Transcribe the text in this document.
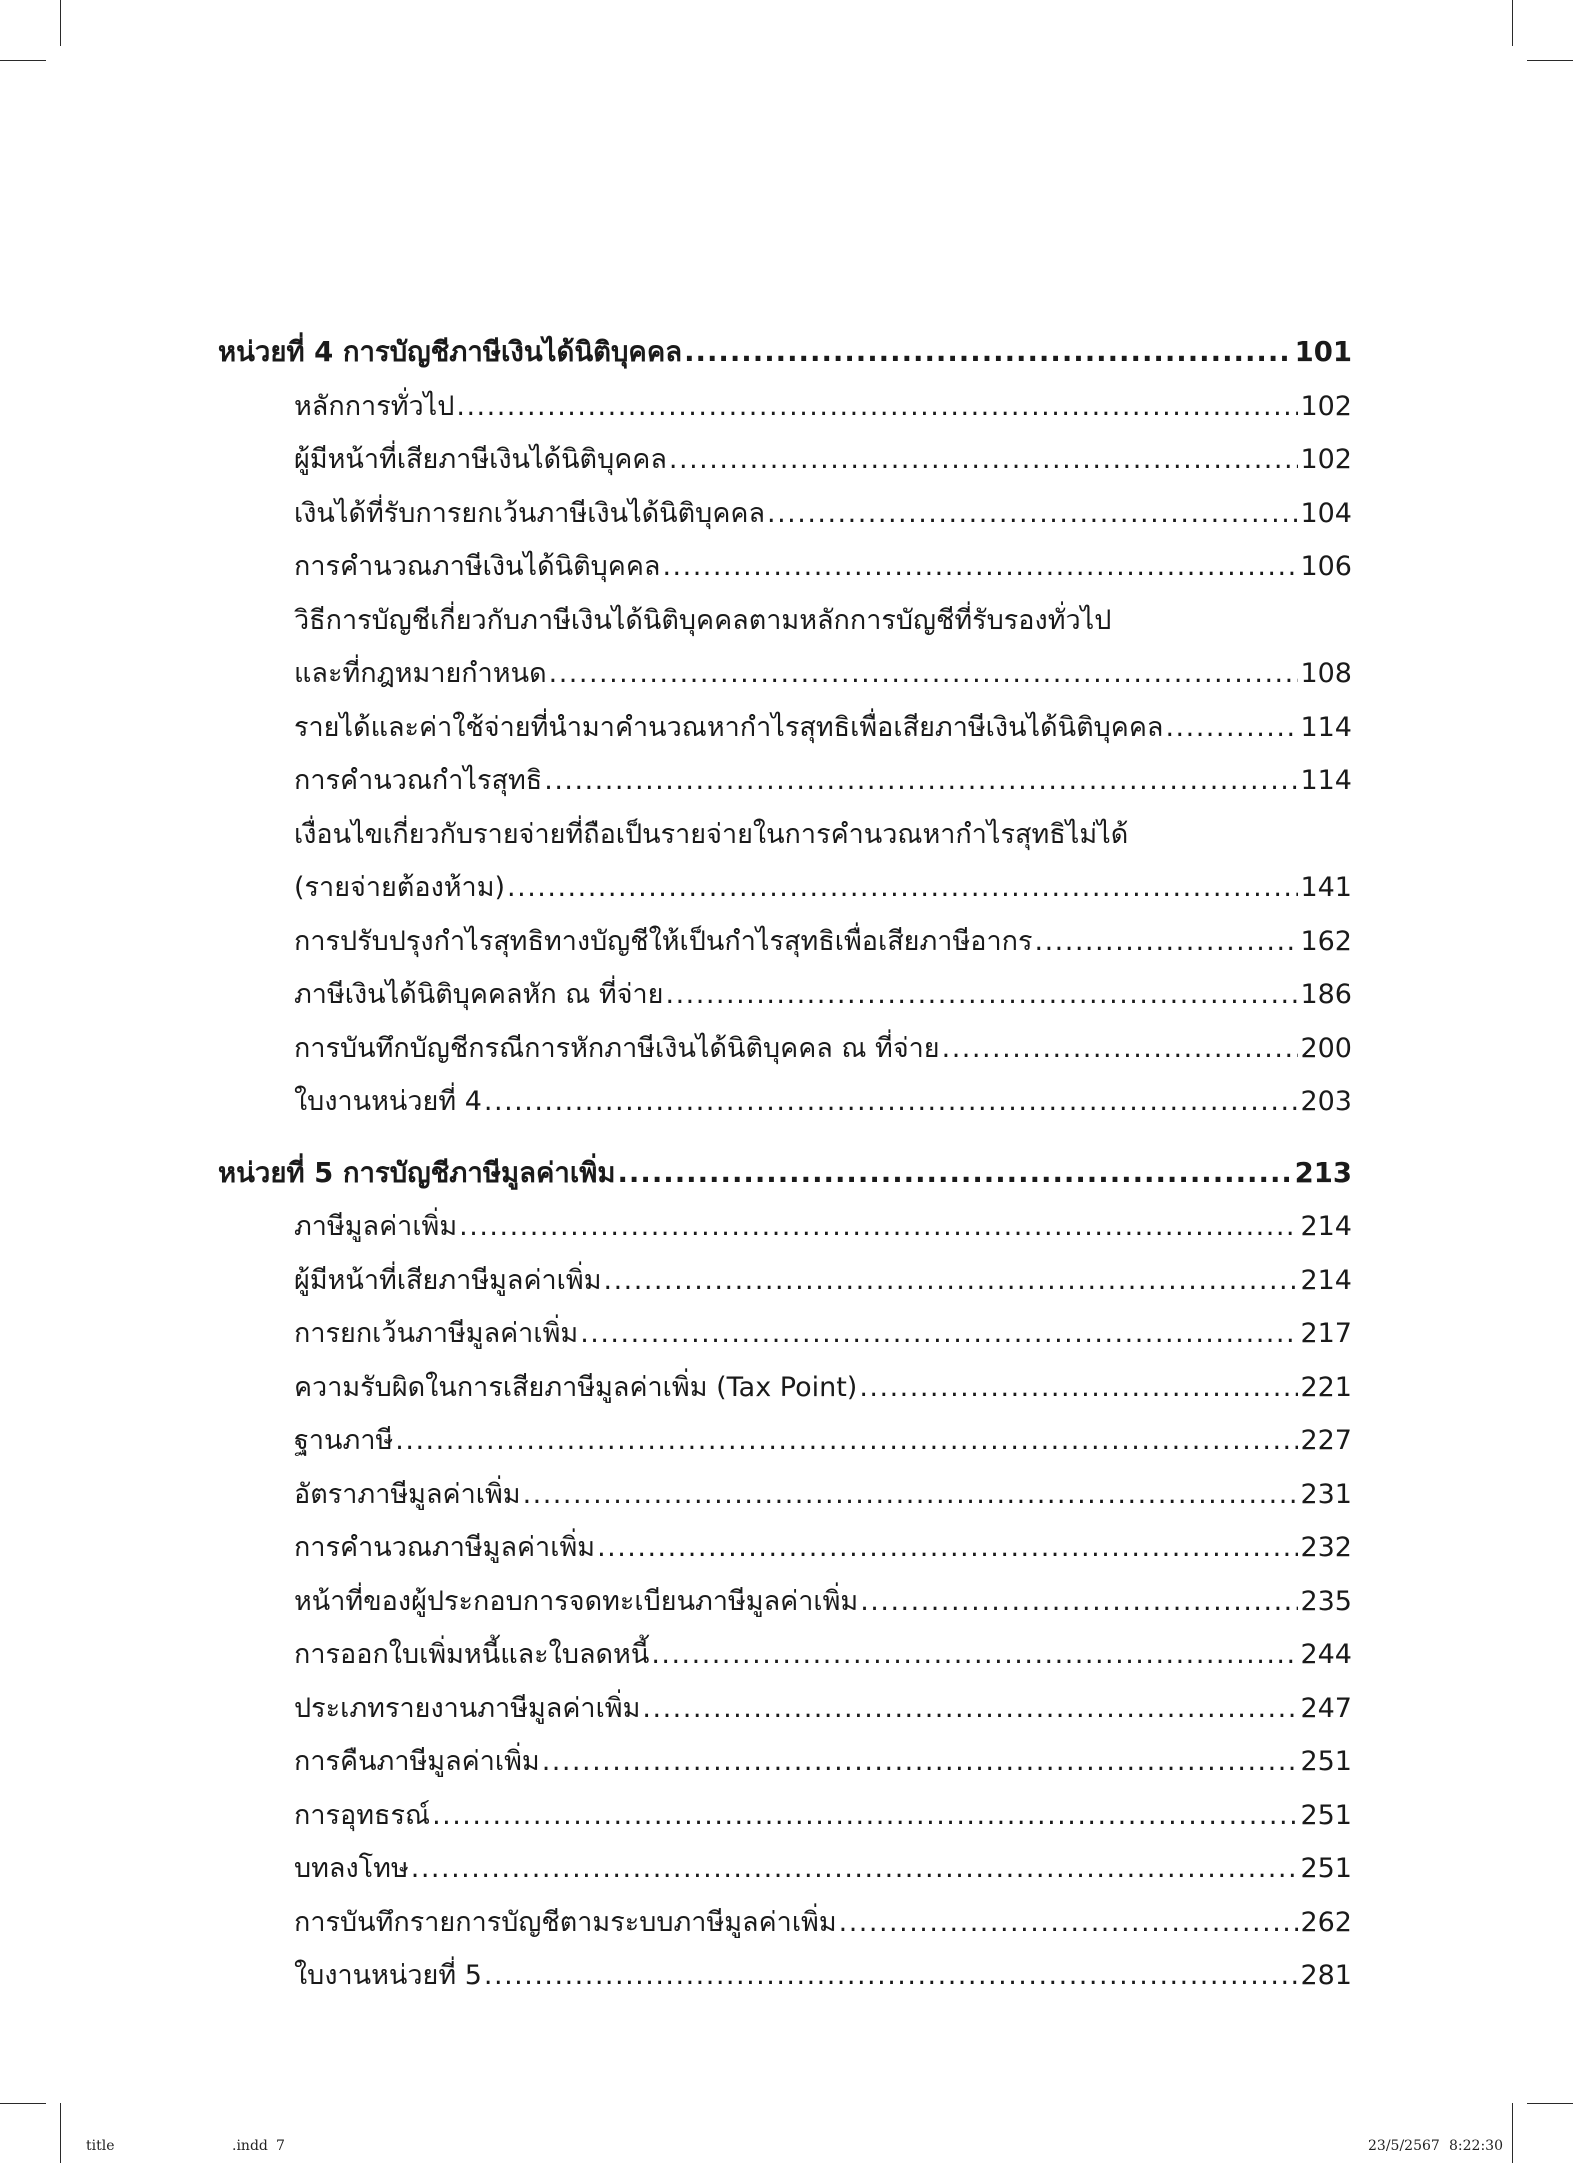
หน่วยที่ 4 การบัญชีภาษีเงินได้นิติบุคคล .....	101
หลักการทั่วไป .....	102
ผู้มีหน้าที่เสียภาษีเงินได้นิติบุคคล .....	102
เงินได้ที่รับการยกเว้นภาษีเงินได้นิติบุคคล .....	104
การคำนวณภาษีเงินได้นิติบุคคล .....	106
วิธีการบัญชีเกี่ยวกับภาษีเงินได้นิติบุคคลตามหลักการบัญชีที่รับรองทั่วไป
และที่กฎหมายกำหนด .....	108
รายได้และค่าใช้จ่ายที่นำมาคำนวณหากำไรสุทธิเพื่อเสียภาษีเงินได้นิติบุคคล .....	114
การคำนวณกำไรสุทธิ .....	114
เงื่อนไขเกี่ยวกับรายจ่ายที่ถือเป็นรายจ่ายในการคำนวณหากำไรสุทธิไม่ได้
(รายจ่ายต้องห้าม) .....	141
การปรับปรุงกำไรสุทธิทางบัญชีให้เป็นกำไรสุทธิเพื่อเสียภาษีอากร .....	162
ภาษีเงินได้นิติบุคคลหัก ณ ที่จ่าย .....	186
การบันทึกบัญชีกรณีการหักภาษีเงินได้นิติบุคคล ณ ที่จ่าย .....	200
ใบงานหน่วยที่ 4 .....	203
หน่วยที่ 5 การบัญชีภาษีมูลค่าเพิ่ม .....	213
ภาษีมูลค่าเพิ่ม .....	214
ผู้มีหน้าที่เสียภาษีมูลค่าเพิ่ม .....	214
การยกเว้นภาษีมูลค่าเพิ่ม .....	217
ความรับผิดในการเสียภาษีมูลค่าเพิ่ม (Tax Point) .....	221
ฐานภาษี .....	227
อัตราภาษีมูลค่าเพิ่ม .....	231
การคำนวณภาษีมูลค่าเพิ่ม .....	232
หน้าที่ของผู้ประกอบการจดทะเบียนภาษีมูลค่าเพิ่ม .....	235
การออกใบเพิ่มหนี้และใบลดหนี้ .....	244
ประเภทรายงานภาษีมูลค่าเพิ่ม .....	247
การคืนภาษีมูลค่าเพิ่ม .....	251
การอุทธรณ์ .....	251
บทลงโทษ .....	251
การบันทึกรายการบัญชีตามระบบภาษีมูลค่าเพิ่ม .....	262
ใบงานหน่วยที่ 5 .....	281
title	.indd 7	23/5/2567 8:22:30
